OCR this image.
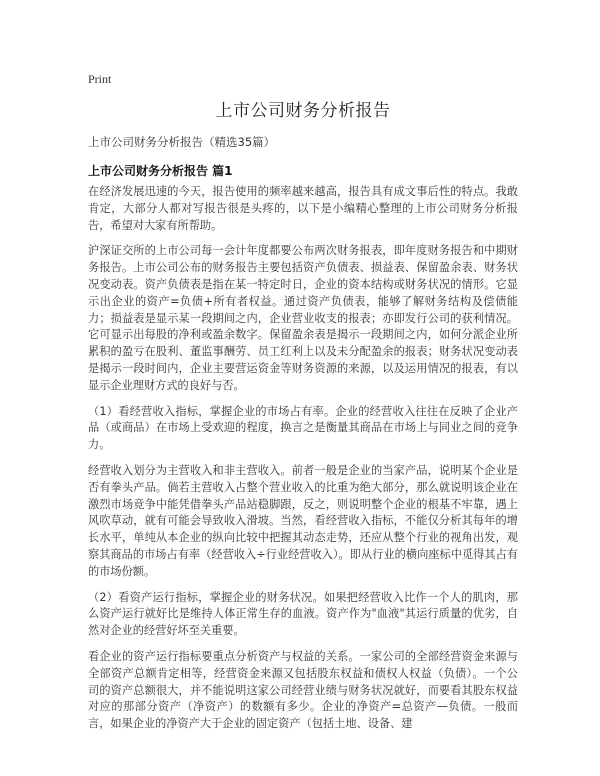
Print
上市公司财务分析报告
上市公司财务分析报告（精选35篇）
上市公司财务分析报告 篇1

在经济发展迅速的今天，报告使用的频率越来越高，报告具有成文事后性的特点。我敢肯定，大部分人都对写报告很是头疼的，以下是小编精心整理的上市公司财务分析报告，希望对大家有所帮助。

沪深证交所的上市公司每一会计年度都要公布两次财务报表，即年度财务报告和中期财务报告。上市公司公布的财务报告主要包括资产负债表、损益表、保留盈余表、财务状况变动表。资产负债表是指在某一特定时日，企业的资本结构或财务状况的情形。它显示出企业的资产=负债+所有者权益。通过资产负债表，能够了解财务结构及偿债能力；损益表是显示某一段期间之内，企业营业收支的报表；亦即发行公司的获利情况。它可显示出每股的净利或盈余数字。保留盈余表是揭示一段期间之内，如何分派企业所累积的盈亏在股利、董监事酬劳、员工红利上以及未分配盈余的报表；财务状况变动表是揭示一段时间内，企业主要营运资金等财务资源的来源，以及运用情况的报表，有以显示企业理财方式的良好与否。

（1）看经营收入指标，掌握企业的市场占有率。企业的经营收入往往在反映了企业产品（或商品）在市场上受欢迎的程度，换言之是衡量其商品在市场上与同业之间的竞争力。

经营收入划分为主营收入和非主营收入。前者一般是企业的当家产品，说明某个企业是否有拳头产品。倘若主营收入占整个营业收入的比重为绝大部分，那么就说明该企业在激烈市场竞争中能凭借拳头产品站稳脚跟，反之，则说明整个企业的根基不牢靠，遇上风吹草动，就有可能会导致收入滑坡。当然，看经营收入指标，不能仅分析其每年的增长水平，单纯从本企业的纵向比较中把握其动态走势，还应从整个行业的视角出发，观察其商品的市场占有率（经营收入÷行业经营收入）。即从行业的横向座标中觅得其占有的市场份额。

（2）看资产运行指标，掌握企业的财务状况。如果把经营收入比作一个人的肌肉，那么资产运行就好比是维持人体正常生存的血液。资产作为"血液"其运行质量的优劣，自然对企业的经营好坏至关重要。

看企业的资产运行指标要重点分析资产与权益的关系。一家公司的全部经营资金来源与全部资产总额肯定相等，经营资金来源又包括股东权益和债权人权益（负债）。一个公司的资产总额很大，并不能说明这家公司经营业绩与财务状况就好，而要看其股东权益对应的那部分资产（净资产）的数额有多少。企业的净资产=总资产—负债。一般而言，如果企业的净资产大于企业的固定资产（包括土地、设备、建
